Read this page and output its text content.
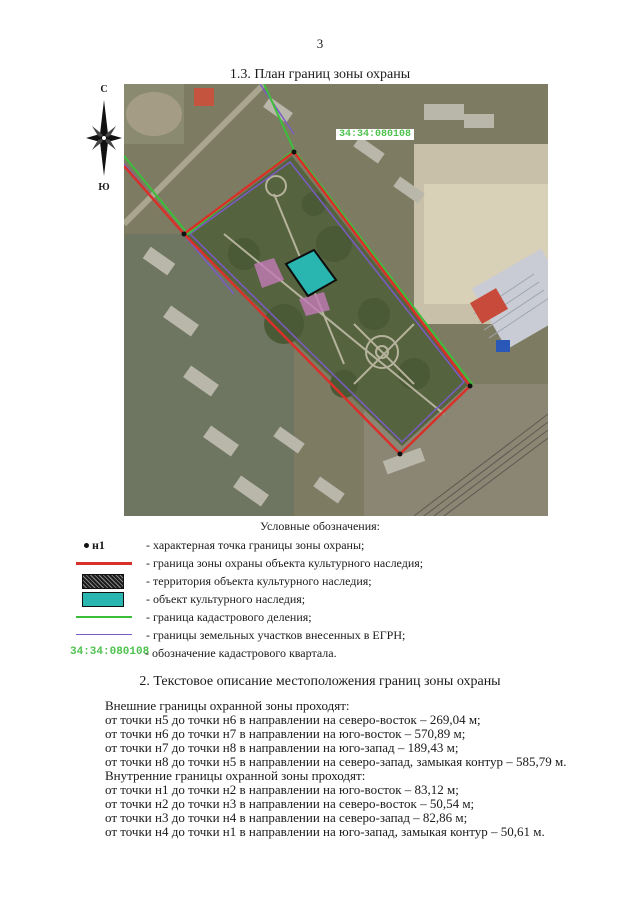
3
1.3. План границ зоны охраны
С
Ю
34:34:080108
Условные обозначения:
н1	- характерная точка границы зоны охраны;
- граница зоны охраны объекта культурного наследия;
- территория объекта культурного наследия;
- объект культурного наследия;
- граница кадастрового деления;
- границы земельных участков внесенных в ЕГРН;
34:34:080108
- обозначение кадастрового квартала.
2. Текстовое описание местоположения границ зоны охраны

Внешние границы охранной зоны проходят:

от точки н5 до точки н6 в направлении на северо-восток – 269,04 м;

от точки н6 до точки н7 в направлении на юго-восток – 570,89 м;

от точки н7 до точки н8 в направлении на юго-запад – 189,43 м;

от точки н8 до точки н5 в направлении на северо-запад, замыкая контур – 585,79 м.

Внутренние границы охранной зоны проходят:

от точки н1 до точки н2 в направлении на юго-восток – 83,12 м;

от точки н2 до точки н3 в направлении на северо-восток – 50,54 м;

от точки н3 до точки н4 в направлении на северо-запад – 82,86 м;

от точки н4 до точки н1 в направлении на юго-запад, замыкая контур – 50,61 м.
